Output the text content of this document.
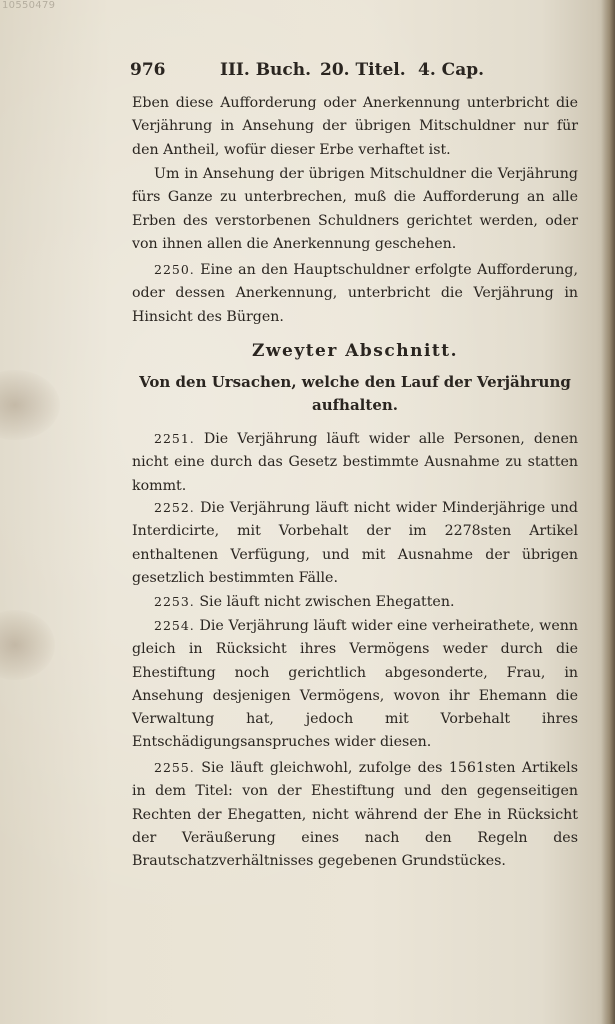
10550479
976	III. Buch. 20. Titel. 4. Cap.

Eben diese Aufforderung oder Anerkennung unterbricht die Verjährung in Ansehung der übrigen Mitschuldner nur für den Antheil, wofür dieser Erbe verhaftet ist.

Um in Ansehung der übrigen Mitschuldner die Verjährung fürs Ganze zu unterbrechen, muß die Aufforderung an alle Erben des verstorbenen Schuldners gerichtet werden, oder von ihnen allen die Anerkennung geschehen.

2250. Eine an den Hauptschuldner erfolgte Aufforderung, oder dessen Anerkennung, unterbricht die Verjährung in Hinsicht des Bürgen.

Zweyter Abschnitt.
Von den Ursachen, welche den Lauf der Verjährung aufhalten.

2251. Die Verjährung läuft wider alle Personen, denen nicht eine durch das Gesetz bestimmte Ausnahme zu statten kommt.

2252. Die Verjährung läuft nicht wider Minderjährige und Interdicirte, mit Vorbehalt der im 2278sten Artikel enthaltenen Verfügung, und mit Ausnahme der übrigen gesetzlich bestimmten Fälle.

2253. Sie läuft nicht zwischen Ehegatten.

2254. Die Verjährung läuft wider eine verheirathete, wenn gleich in Rücksicht ihres Vermögens weder durch die Ehestiftung noch gerichtlich abgesonderte, Frau, in Ansehung desjenigen Vermögens, wovon ihr Ehemann die Verwaltung hat, jedoch mit Vorbehalt ihres Entschädigungsanspruches wider diesen.

2255. Sie läuft gleichwohl, zufolge des 1561sten Artikels in dem Titel: von der Ehestiftung und den gegenseitigen Rechten der Ehegatten, nicht während der Ehe in Rücksicht der Veräußerung eines nach den Regeln des Brautschatzverhältnisses gegebenen Grundstückes.
